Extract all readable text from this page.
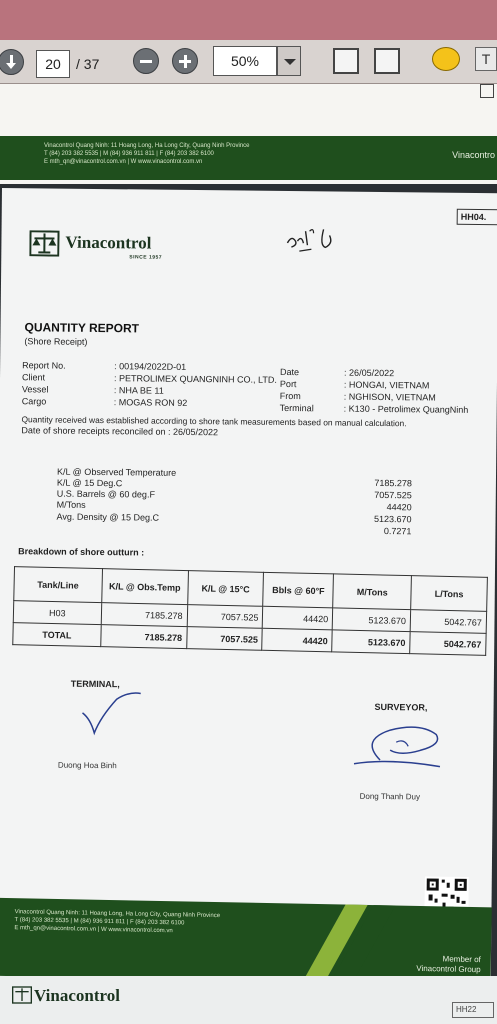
20	/ 37	50%	T
Vinacontrol Quang Ninh: 11 Hoang Long, Ha Long City, Quang Ninh Province
T (84) 203 382 5535 | M (84) 936 911 811 | F (84) 203 382 6100
E mth_qn@vinacontrol.com.vn | W www.vinacontrol.com.vn
Vinacontro
HH04.
Vinacontrol
SINCE 1957
QUANTITY REPORT
(Shore Receipt)
Report No.	: 00194/2022D-01
Client	: PETROLIMEX QUANGNINH CO., LTD.
Vessel	: NHA BE 11
Cargo	: MOGAS RON 92
Date	: 26/05/2022
Port	: HONGAI, VIETNAM
From	: NGHISON, VIETNAM
Terminal	: K130 - Petrolimex QuangNinh
Quantity received was established according to shore tank measurements based on manual calculation.
Date of shore receipts reconciled on : 26/05/2022
K/L @ Observed Temperature
7185.278
K/L @ 15 Deg.C
7057.525
U.S. Barrels @ 60 deg.F
44420
M/Tons
5123.670
Avg. Density @ 15 Deg.C
0.7271
Breakdown of shore outturn :
Tank/Line	K/L @ Obs.Temp	K/L @ 15°C	Bbls @ 60°F	M/Tons	L/Tons
H03	7185.278	7057.525	44420	5123.670	5042.767
TOTAL	7185.278	7057.525	44420	5123.670	5042.767
TERMINAL,
SURVEYOR,
Duong Hoa Binh
Dong Thanh Duy
Vinacontrol Quang Ninh: 11 Hoang Long, Ha Long City, Quang Ninh Province
T (84) 203 382 5535 | M (84) 936 911 811 | F (84) 203 382 6100
E mth_qn@vinacontrol.com.vn | W www.vinacontrol.com.vn
Member of
Vinacontrol Group
Vinacontrol
HH22
